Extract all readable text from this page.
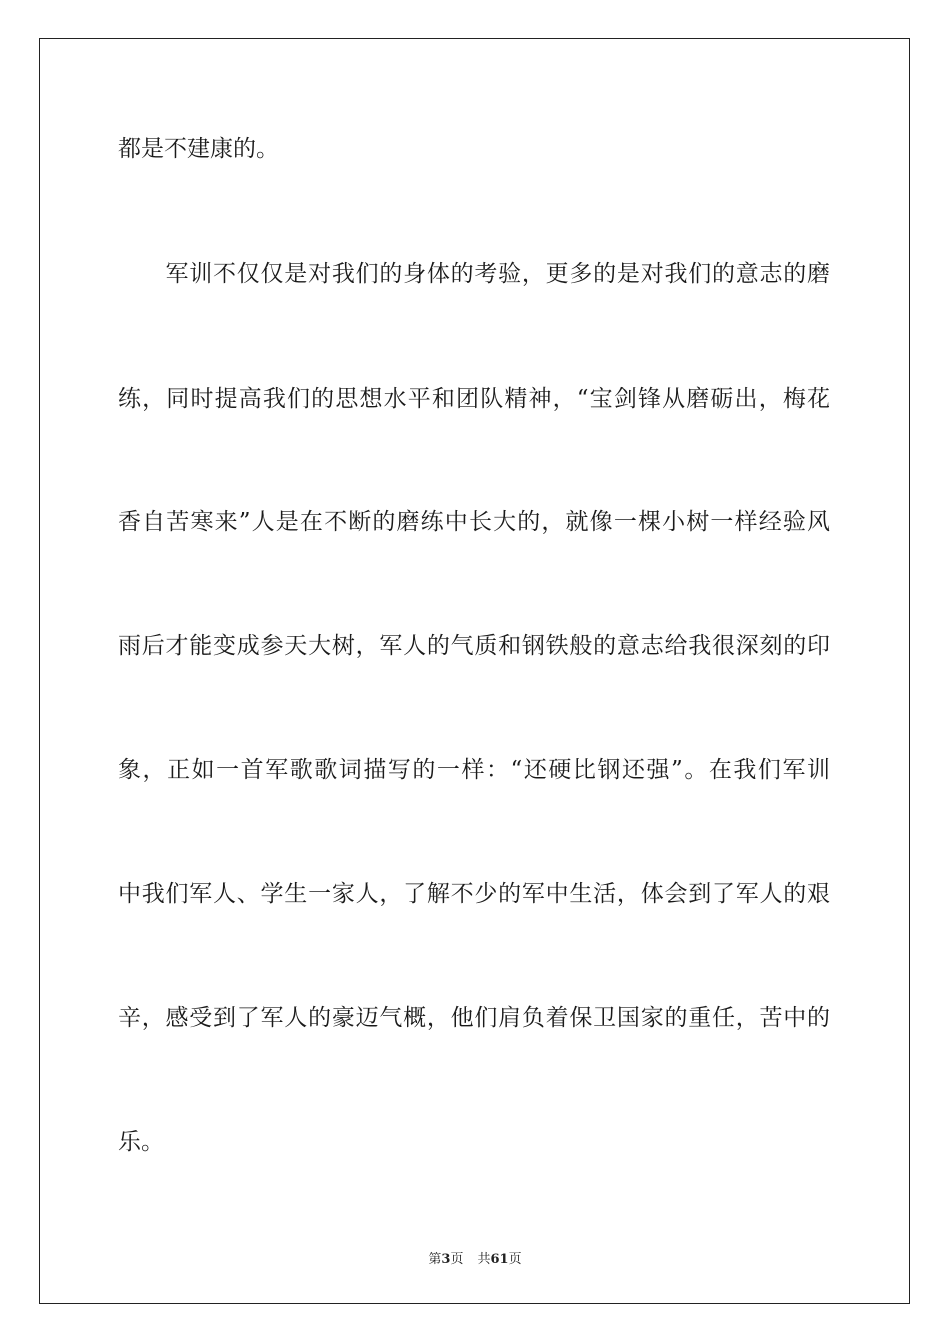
都是不建康的。
　　军训不仅仅是对我们的身体的考验，更多的是对我们的意志的磨
练，同时提高我们的思想水平和团队精神，“宝剑锋从磨砺出，梅花
香自苦寒来”人是在不断的磨练中长大的，就像一棵小树一样经验风
雨后才能变成参天大树，军人的气质和钢铁般的意志给我很深刻的印
象，正如一首军歌歌词描写的一样：“还硬比钢还强”。在我们军训
中我们军人、学生一家人，了解不少的军中生活，体会到了军人的艰
辛，感受到了军人的豪迈气概，他们肩负着保卫国家的重任，苦中的
乐。
第3页 共61页
